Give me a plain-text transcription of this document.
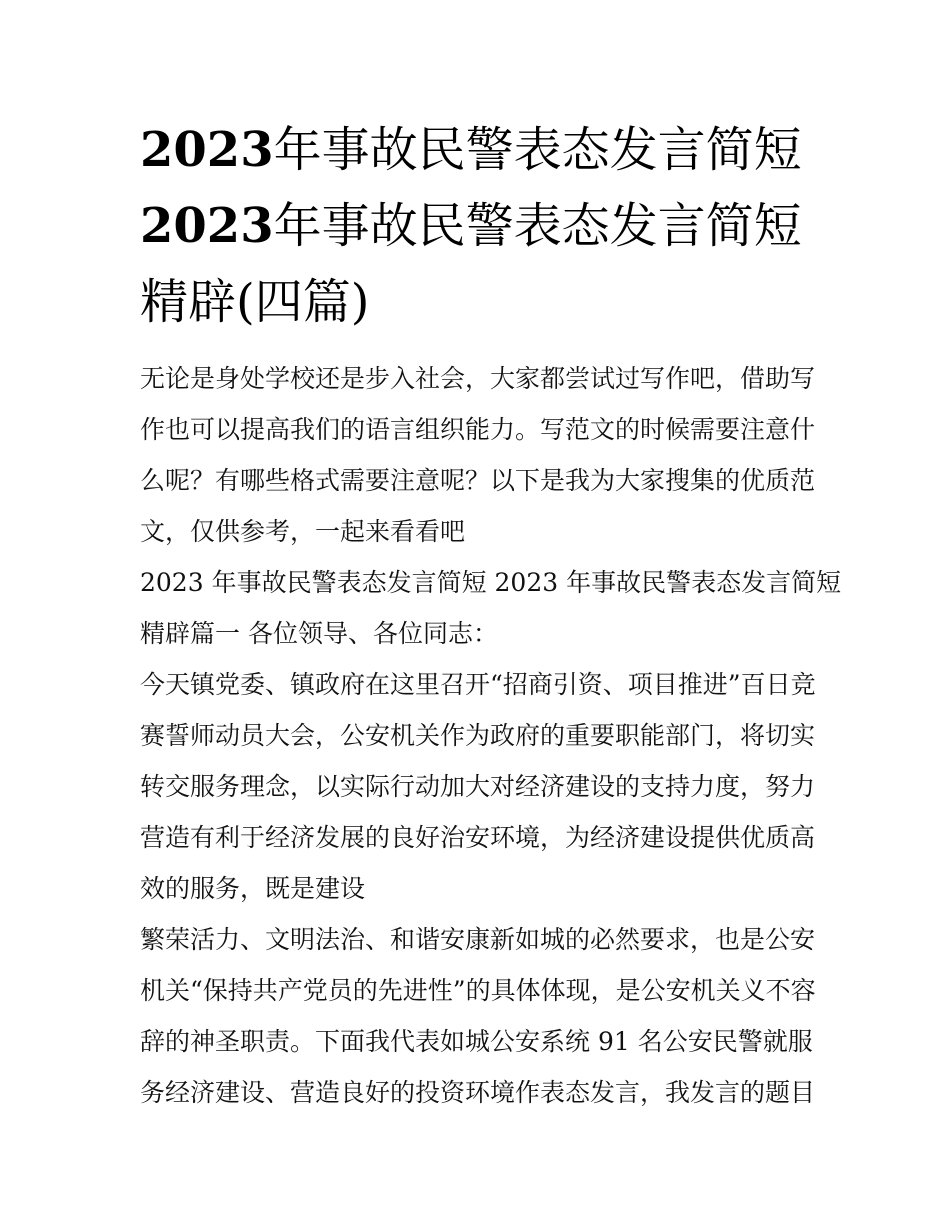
2023年事故民警表态发言简短
2023年事故民警表态发言简短
精辟(四篇)
无论是身处学校还是步入社会，大家都尝试过写作吧，借助写
作也可以提高我们的语言组织能力。写范文的时候需要注意什
么呢？有哪些格式需要注意呢？以下是我为大家搜集的优质范
文，仅供参考，一起来看看吧
2023 年事故民警表态发言简短 2023 年事故民警表态发言简短
精辟篇一 各位领导、各位同志：
今天镇党委、镇政府在这里召开“招商引资、项目推进”百日竞
赛誓师动员大会，公安机关作为政府的重要职能部门，将切实
转交服务理念，以实际行动加大对经济建设的支持力度，努力
营造有利于经济发展的良好治安环境，为经济建设提供优质高
效的服务，既是建设
繁荣活力、文明法治、和谐安康新如城的必然要求，也是公安
机关“保持共产党员的先进性”的具体体现，是公安机关义不容
辞的神圣职责。下面我代表如城公安系统 91 名公安民警就服
务经济建设、营造良好的投资环境作表态发言，我发言的题目
